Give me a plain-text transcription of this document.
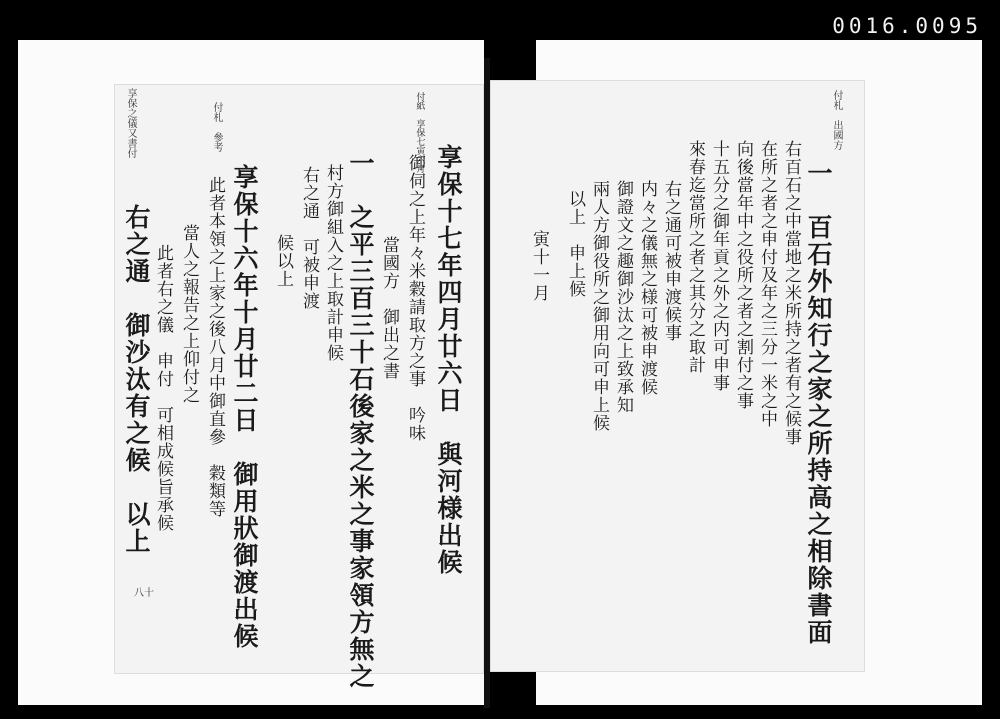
0016.0095
享保之儀又書付	付札　參考	付紙　享保七寅六月
享保十七年四月廿六日　與河様出候　
御伺之上年々米穀請取方之事　吟味
當國方　御出之書
一　之平三百三十石後家之米之事家領方無之
村方御組入之上取計申候
右之通　可被申渡
候以上
享保十六年十月廿二日　御用狀御渡出候
此者本領之上家之後八月中御直參　穀類等
當人之報告之上仰付之
此者右之儀　申付　可相成候旨承候
右之通　御沙汰有之候　以上
八十
付札　出國方
一　百石外知行之家之所持高之相除書面
右百石之中當地之米所持之者有之候事
在所之者之申付及年之三分一米之中
向後當年中之役所之者之割付之事
十五分之御年貢之外之内可申事
來春迄當所之者之其分之取計
右之通可被申渡候事
内々之儀無之様可被申渡候
御證文之趣御沙汰之上致承知
兩人方御役所之御用向可申上候
以上　申上候
寅十一月
